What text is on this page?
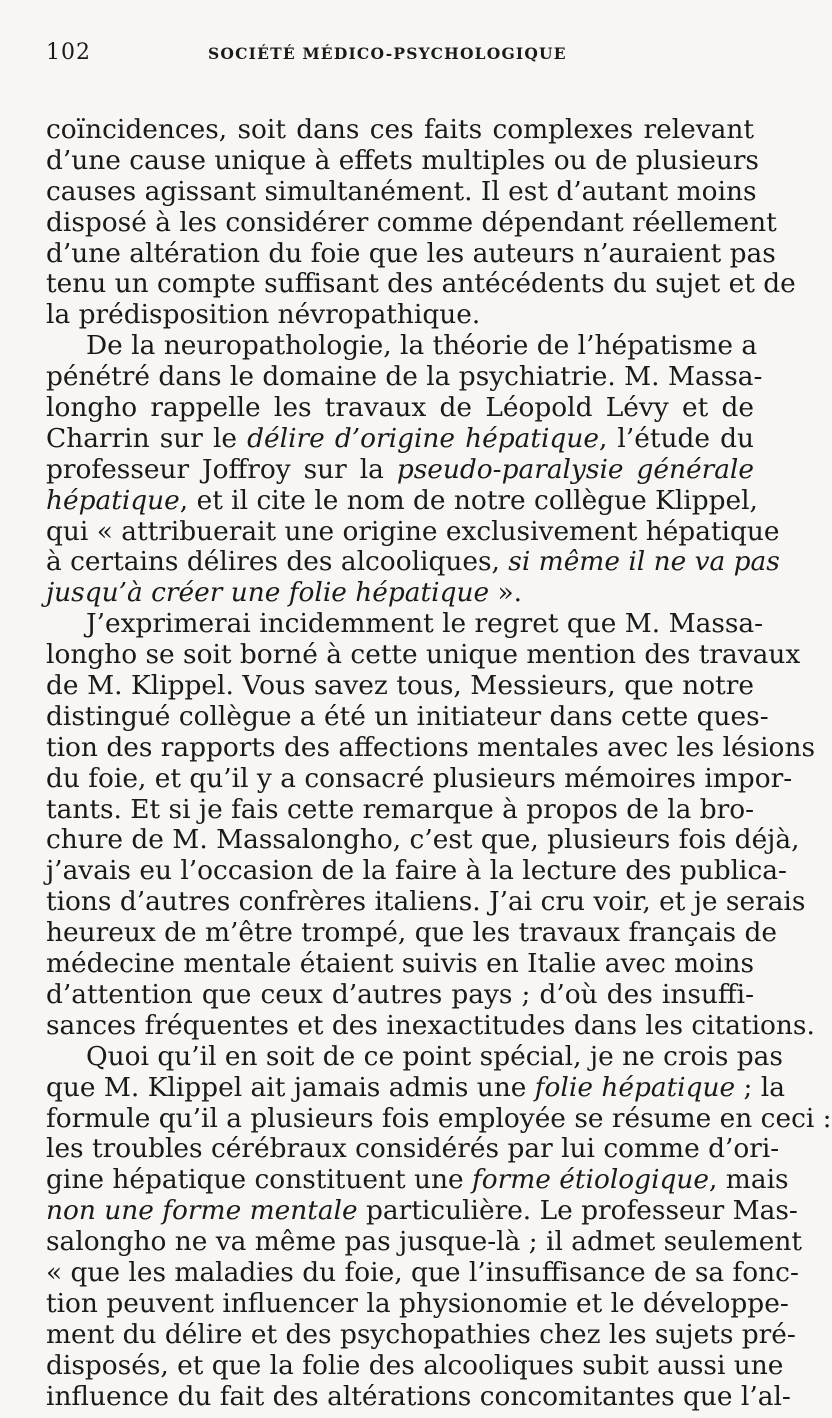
102	SOCIÉTÉ MÉDICO-PSYCHOLOGIQUE
coïncidences, soit dans ces faits complexes relevant
d’une cause unique à effets multiples ou de plusieurs
causes agissant simultanément. Il est d’autant moins
disposé à les considérer comme dépendant réellement
d’une altération du foie que les auteurs n’auraient pas
tenu un compte suffisant des antécédents du sujet et de
la prédisposition névropathique.
De la neuropathologie, la théorie de l’hépatisme a
pénétré dans le domaine de la psychiatrie. M. Massa-
longho rappelle les travaux de Léopold Lévy et de
Charrin sur le délire d’origine hépatique, l’étude du
professeur Joffroy sur la pseudo-paralysie générale
hépatique, et il cite le nom de notre collègue Klippel,
qui « attribuerait une origine exclusivement hépatique
à certains délires des alcooliques, si même il ne va pas
jusqu’à créer une folie hépatique ».
J’exprimerai incidemment le regret que M. Massa-
longho se soit borné à cette unique mention des travaux
de M. Klippel. Vous savez tous, Messieurs, que notre
distingué collègue a été un initiateur dans cette ques-
tion des rapports des affections mentales avec les lésions
du foie, et qu’il y a consacré plusieurs mémoires impor-
tants. Et si je fais cette remarque à propos de la bro-
chure de M. Massalongho, c’est que, plusieurs fois déjà,
j’avais eu l’occasion de la faire à la lecture des publica-
tions d’autres confrères italiens. J’ai cru voir, et je serais
heureux de m’être trompé, que les travaux français de
médecine mentale étaient suivis en Italie avec moins
d’attention que ceux d’autres pays ; d’où des insuffi-
sances fréquentes et des inexactitudes dans les citations.
Quoi qu’il en soit de ce point spécial, je ne crois pas
que M. Klippel ait jamais admis une folie hépatique ; la
formule qu’il a plusieurs fois employée se résume en ceci :
les troubles cérébraux considérés par lui comme d’ori-
gine hépatique constituent une forme étiologique, mais
non une forme mentale particulière. Le professeur Mas-
salongho ne va même pas jusque-là ; il admet seulement
« que les maladies du foie, que l’insuffisance de sa fonc-
tion peuvent influencer la physionomie et le développe-
ment du délire et des psychopathies chez les sujets pré-
disposés, et que la folie des alcooliques subit aussi une
influence du fait des altérations concomitantes que l’al-
